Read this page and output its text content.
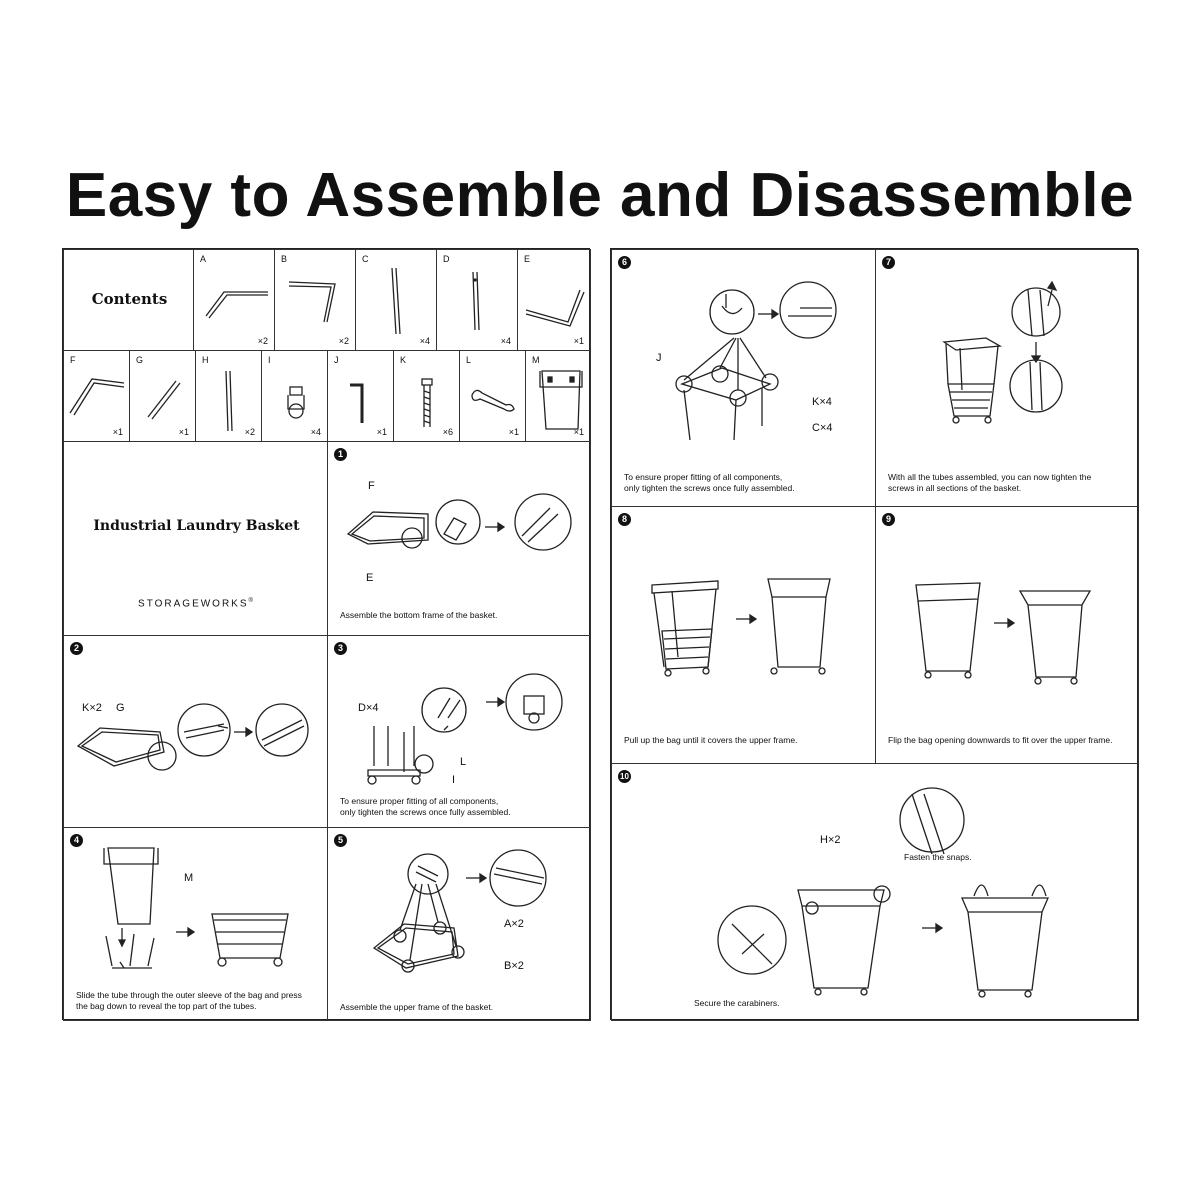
Easy to Assemble and Disassemble
Contents
A
×2
B
×2
C
×4
D
×4
E
×1
F
×1
G
×1
H
×2
I
×4
J
×1
K
×6
L
×1
M
×1
Industrial Laundry Basket
STORAGEWORKS®
1
F
E
Assemble the bottom frame of the basket.
2
K×2 G
3
D×4
L
I
To ensure proper fitting of all components,
only tighten the screws once fully assembled.
4
M
Slide the tube through the outer sleeve of the bag and press
the bag down to reveal the top part of the tubes.
5
A×2
B×2
Assemble the upper frame of the basket.
6
J
K×4
C×4
To ensure proper fitting of all components,
only tighten the screws once fully assembled.
7
With all the tubes assembled, you can now tighten the
screws in all sections of the basket.
8
Pull up the bag until it covers the upper frame.
9
Flip the bag opening downwards to fit over the upper frame.
10
H×2
Fasten the snaps.
Secure the carabiners.
